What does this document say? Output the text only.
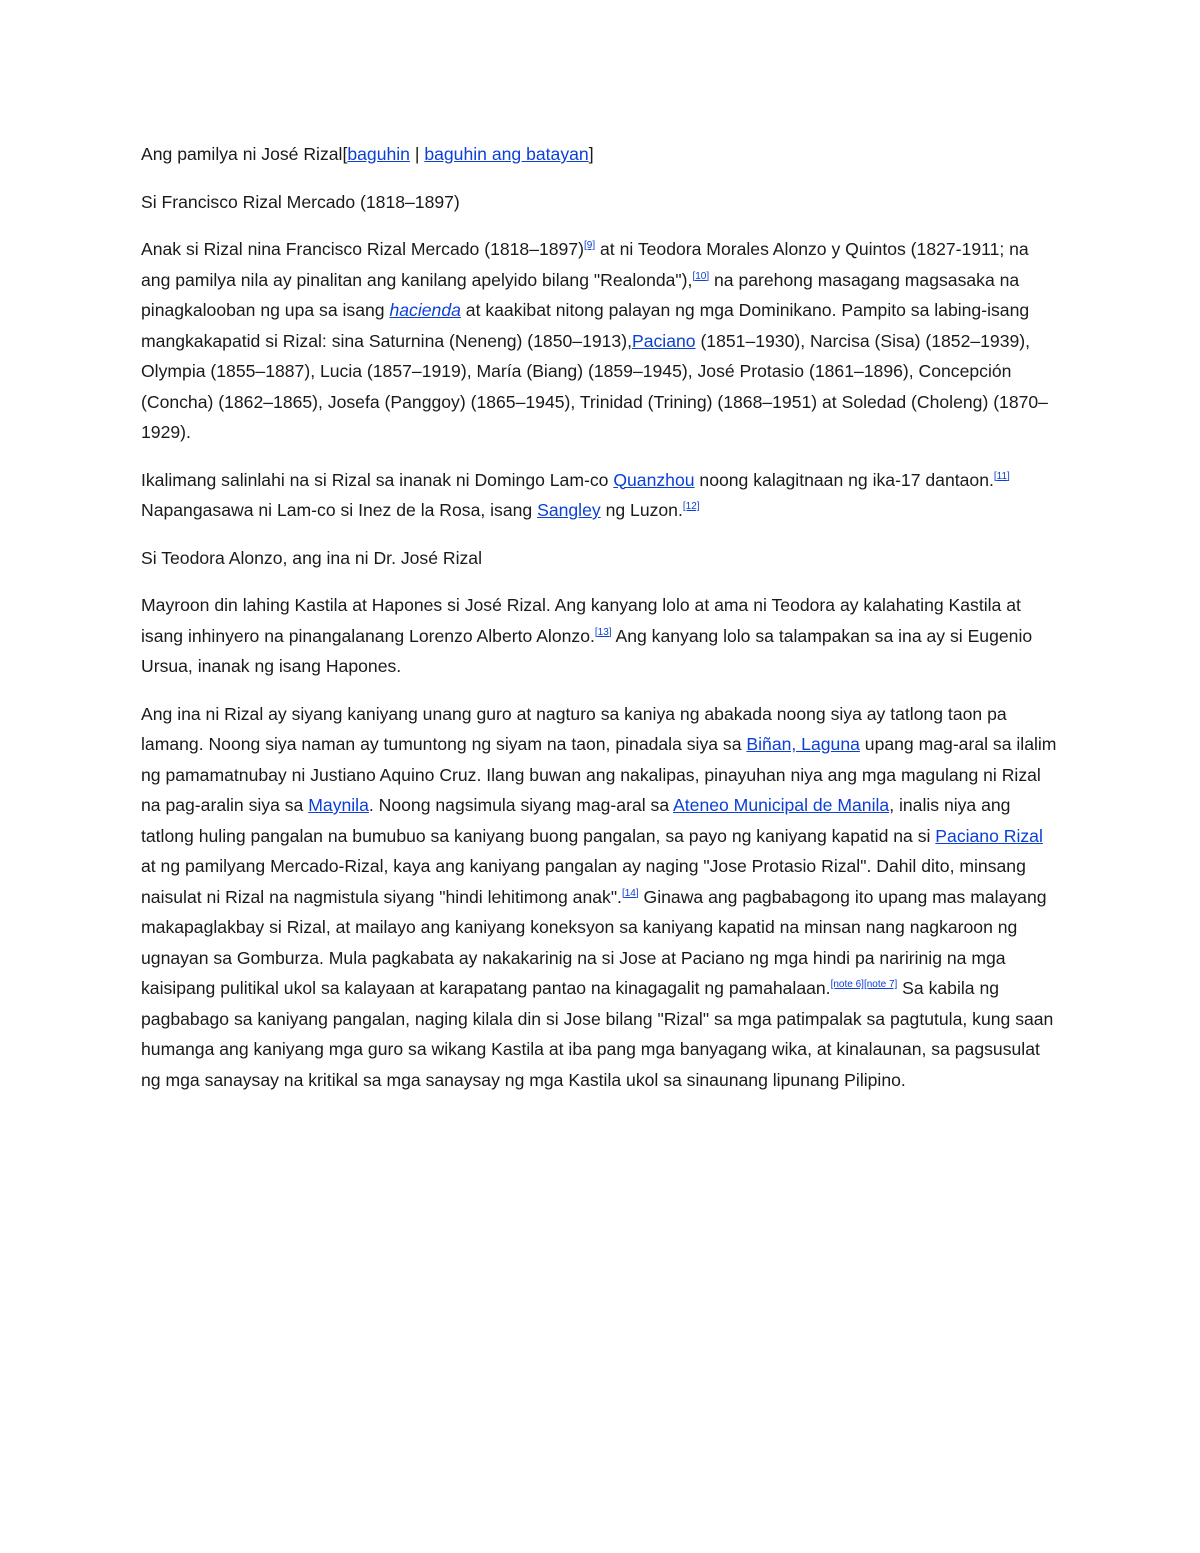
Ang pamilya ni José Rizal[baguhin | baguhin ang batayan]

Si Francisco Rizal Mercado (1818–1897)

Anak si Rizal nina Francisco Rizal Mercado (1818–1897)[9] at ni Teodora Morales Alonzo y Quintos (1827-1911; na ang pamilya nila ay pinalitan ang kanilang apelyido bilang "Realonda"),[10] na parehong masagang magsasaka na pinagkalooban ng upa sa isang hacienda at kaakibat nitong palayan ng mga Dominikano. Pampito sa labing-isang mangkakapatid si Rizal: sina Saturnina (Neneng) (1850–1913),Paciano (1851–1930), Narcisa (Sisa) (1852–1939), Olympia (1855–1887), Lucia (1857–1919), María (Biang) (1859–1945), José Protasio (1861–1896), Concepción (Concha) (1862–1865), Josefa (Panggoy) (1865–1945), Trinidad (Trining) (1868–1951) at Soledad (Choleng) (1870–1929).

Ikalimang salinlahi na si Rizal sa inanak ni Domingo Lam-co Quanzhou noong kalagitnaan ng ika-17 dantaon.[11] Napangasawa ni Lam-co si Inez de la Rosa, isang Sangley ng Luzon.[12]

Si Teodora Alonzo, ang ina ni Dr. José Rizal

Mayroon din lahing Kastila at Hapones si José Rizal. Ang kanyang lolo at ama ni Teodora ay kalahating Kastila at isang inhinyero na pinangalanang Lorenzo Alberto Alonzo.[13] Ang kanyang lolo sa talampakan sa ina ay si Eugenio Ursua, inanak ng isang Hapones.

Ang ina ni Rizal ay siyang kaniyang unang guro at nagturo sa kaniya ng abakada noong siya ay tatlong taon pa lamang. Noong siya naman ay tumuntong ng siyam na taon, pinadala siya sa Biñan, Laguna upang mag-aral sa ilalim ng pamamatnubay ni Justiano Aquino Cruz. Ilang buwan ang nakalipas, pinayuhan niya ang mga magulang ni Rizal na pag-aralin siya sa Maynila. Noong nagsimula siyang mag-aral sa Ateneo Municipal de Manila, inalis niya ang tatlong huling pangalan na bumubuo sa kaniyang buong pangalan, sa payo ng kaniyang kapatid na si Paciano Rizal at ng pamilyang Mercado-Rizal, kaya ang kaniyang pangalan ay naging "Jose Protasio Rizal". Dahil dito, minsang naisulat ni Rizal na nagmistula siyang "hindi lehitimong anak".[14] Ginawa ang pagbabagong ito upang mas malayang makapaglakbay si Rizal, at mailayo ang kaniyang koneksyon sa kaniyang kapatid na minsan nang nagkaroon ng ugnayan sa Gomburza. Mula pagkabata ay nakakarinig na si Jose at Paciano ng mga hindi pa naririnig na mga kaisipang pulitikal ukol sa kalayaan at karapatang pantao na kinagagalit ng pamahalaan.[note 6][note 7] Sa kabila ng pagbabago sa kaniyang pangalan, naging kilala din si Jose bilang "Rizal" sa mga patimpalak sa pagtutula, kung saan humanga ang kaniyang mga guro sa wikang Kastila at iba pang mga banyagang wika, at kinalaunan, sa pagsusulat ng mga sanaysay na kritikal sa mga sanaysay ng mga Kastila ukol sa sinaunang lipunang Pilipino.
